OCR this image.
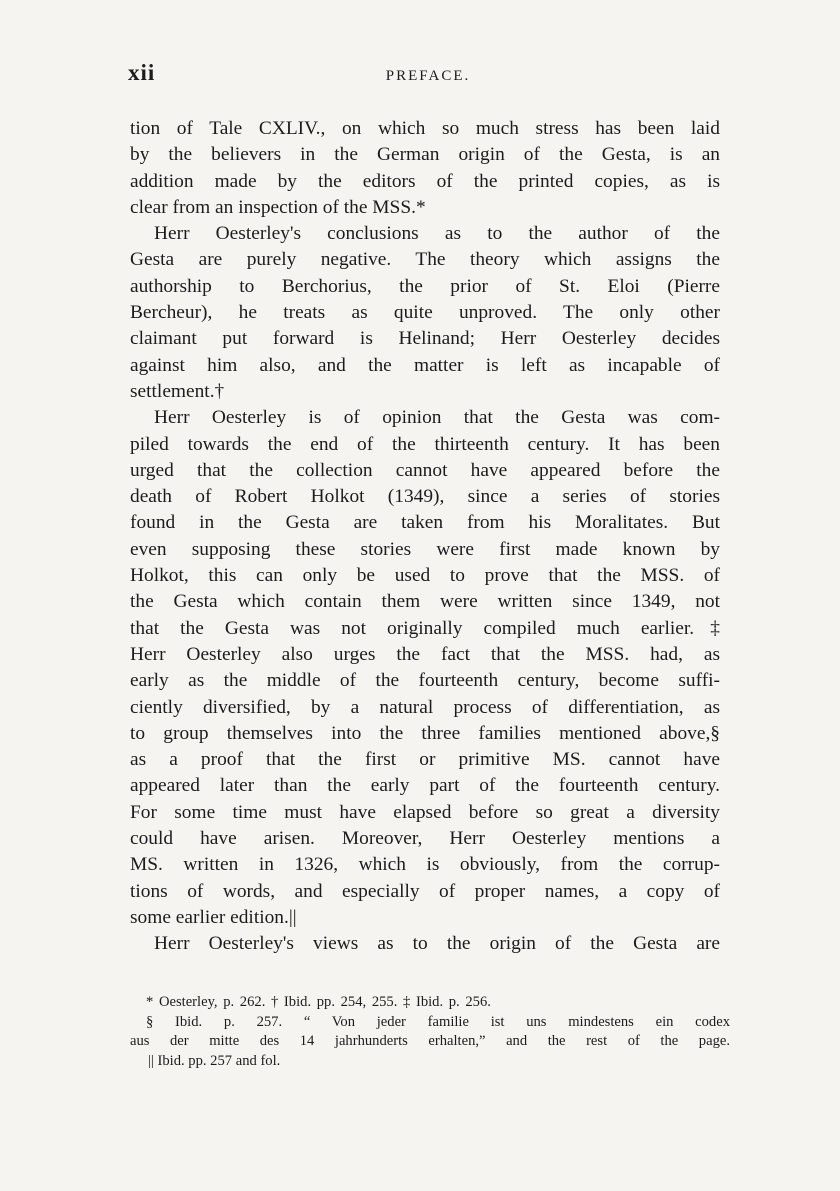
xii	PREFACE.
tion of Tale CXLIV., on which so much stress has been laid
by the believers in the German origin of the Gesta, is an
addition made by the editors of the printed copies, as is
clear from an inspection of the MSS.*
Herr Oesterley's conclusions as to the author of the
Gesta are purely negative. The theory which assigns the
authorship to Berchorius, the prior of St. Eloi (Pierre
Bercheur), he treats as quite unproved. The only other
claimant put forward is Helinand; Herr Oesterley decides
against him also, and the matter is left as incapable of
settlement.†
Herr Oesterley is of opinion that the Gesta was com-
piled towards the end of the thirteenth century. It has been
urged that the collection cannot have appeared before the
death of Robert Holkot (1349), since a series of stories
found in the Gesta are taken from his Moralitates. But
even supposing these stories were first made known by
Holkot, this can only be used to prove that the MSS. of
the Gesta which contain them were written since 1349, not
that the Gesta was not originally compiled much earlier.‡
Herr Oesterley also urges the fact that the MSS. had, as
early as the middle of the fourteenth century, become suffi-
ciently diversified, by a natural process of differentiation, as
to group themselves into the three families mentioned above,§
as a proof that the first or primitive MS. cannot have
appeared later than the early part of the fourteenth century.
For some time must have elapsed before so great a diversity
could have arisen. Moreover, Herr Oesterley mentions a
MS. written in 1326, which is obviously, from the corrup-
tions of words, and especially of proper names, a copy of
some earlier edition.||
Herr Oesterley's views as to the origin of the Gesta are
* Oesterley, p. 262. † Ibid. pp. 254, 255. ‡ Ibid. p. 256.
§ Ibid. p. 257. “ Von jeder familie ist uns mindestens ein codex
aus der mitte des 14 jahrhunderts erhalten,” and the rest of the page.
|| Ibid. pp. 257 and fol.
